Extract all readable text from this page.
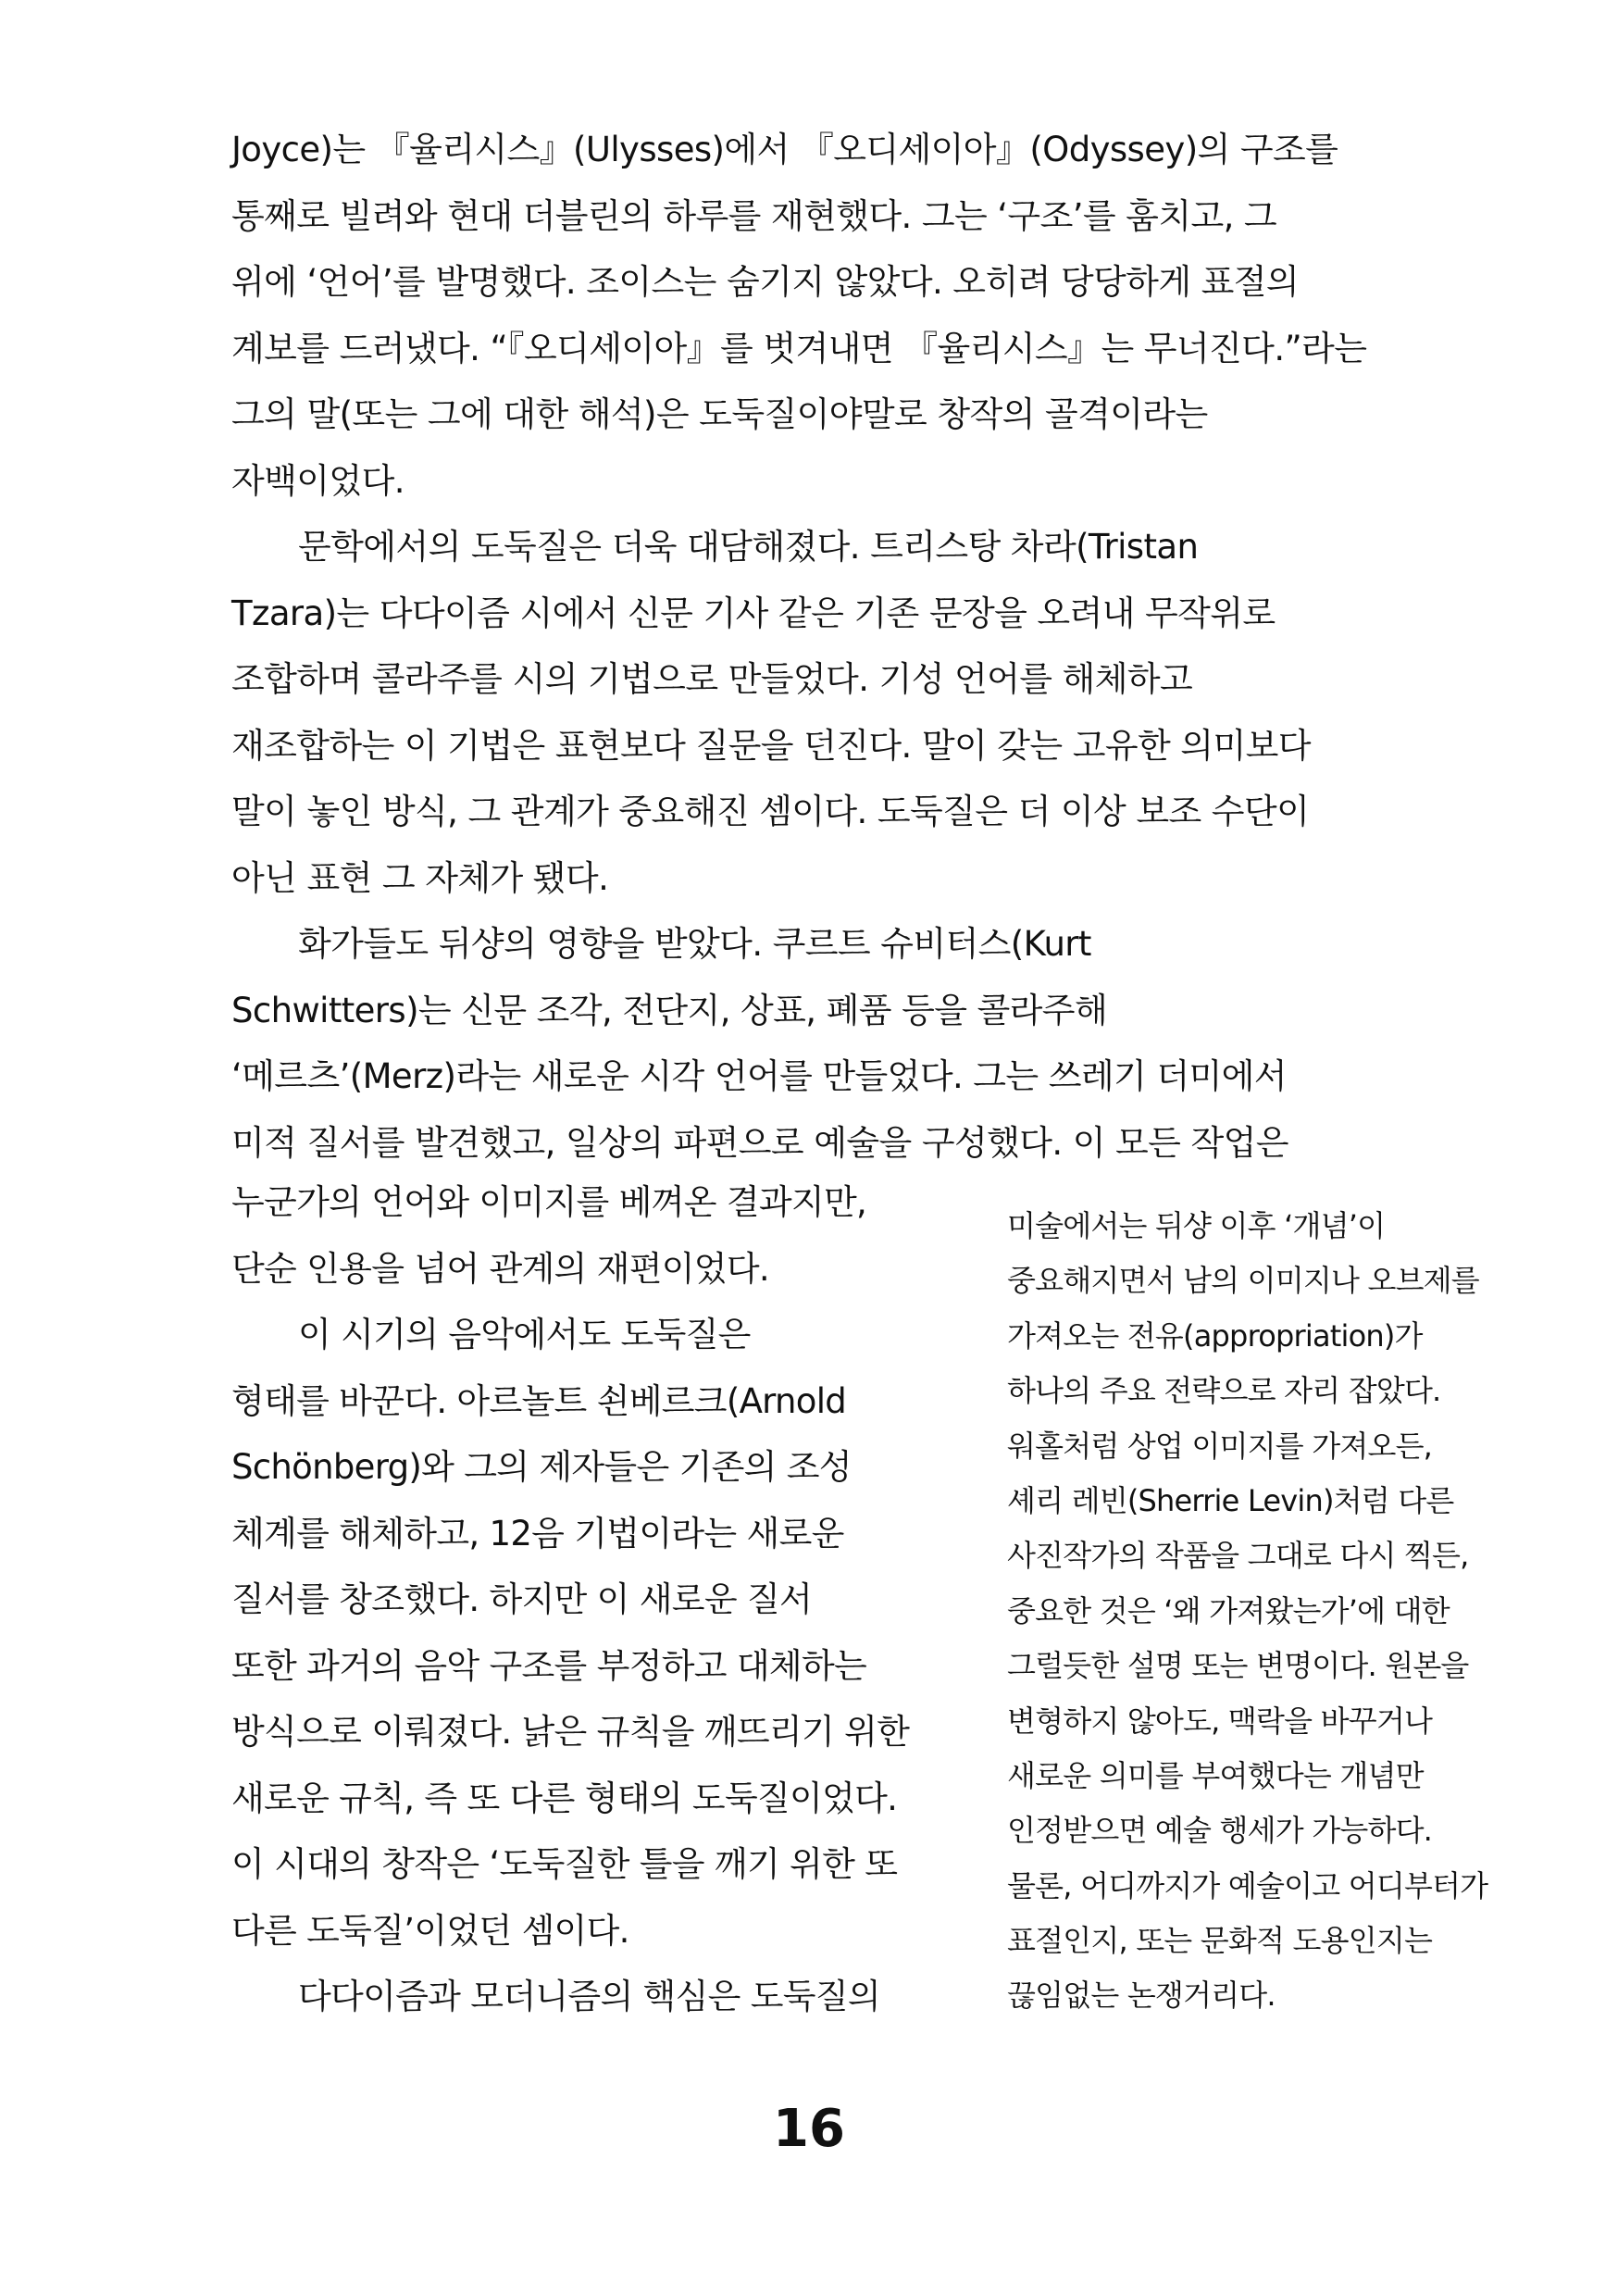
Joyce)는 『율리시스』(Ulysses)에서 『오디세이아』(Odyssey)의 구조를
통째로 빌려와 현대 더블린의 하루를 재현했다. 그는 ‘구조’를 훔치고, 그
위에 ‘언어’를 발명했다. 조이스는 숨기지 않았다. 오히려 당당하게 표절의
계보를 드러냈다. “『오디세이아』를 벗겨내면 『율리시스』는 무너진다.”라는
그의 말(또는 그에 대한 해석)은 도둑질이야말로 창작의 골격이라는
자백이었다.
문학에서의 도둑질은 더욱 대담해졌다. 트리스탕 차라(Tristan
Tzara)는 다다이즘 시에서 신문 기사 같은 기존 문장을 오려내 무작위로
조합하며 콜라주를 시의 기법으로 만들었다. 기성 언어를 해체하고
재조합하는 이 기법은 표현보다 질문을 던진다. 말이 갖는 고유한 의미보다
말이 놓인 방식, 그 관계가 중요해진 셈이다. 도둑질은 더 이상 보조 수단이
아닌 표현 그 자체가 됐다.
화가들도 뒤샹의 영향을 받았다. 쿠르트 슈비터스(Kurt
Schwitters)는 신문 조각, 전단지, 상표, 폐품 등을 콜라주해
‘메르츠’(Merz)라는 새로운 시각 언어를 만들었다. 그는 쓰레기 더미에서
미적 질서를 발견했고, 일상의 파편으로 예술을 구성했다. 이 모든 작업은
누군가의 언어와 이미지를 베껴온 결과지만,
단순 인용을 넘어 관계의 재편이었다.
이 시기의 음악에서도 도둑질은
형태를 바꾼다. 아르놀트 쇤베르크(Arnold
Schönberg)와 그의 제자들은 기존의 조성
체계를 해체하고, 12음 기법이라는 새로운
질서를 창조했다. 하지만 이 새로운 질서
또한 과거의 음악 구조를 부정하고 대체하는
방식으로 이뤄졌다. 낡은 규칙을 깨뜨리기 위한
새로운 규칙, 즉 또 다른 형태의 도둑질이었다.
이 시대의 창작은 ‘도둑질한 틀을 깨기 위한 또
다른 도둑질’이었던 셈이다.
다다이즘과 모더니즘의 핵심은 도둑질의
미술에서는 뒤샹 이후 ‘개념’이
중요해지면서 남의 이미지나 오브제를
가져오는 전유(appropriation)가
하나의 주요 전략으로 자리 잡았다.
워홀처럼 상업 이미지를 가져오든,
셰리 레빈(Sherrie Levin)처럼 다른
사진작가의 작품을 그대로 다시 찍든,
중요한 것은 ‘왜 가져왔는가’에 대한
그럴듯한 설명 또는 변명이다. 원본을
변형하지 않아도, 맥락을 바꾸거나
새로운 의미를 부여했다는 개념만
인정받으면 예술 행세가 가능하다.
물론, 어디까지가 예술이고 어디부터가
표절인지, 또는 문화적 도용인지는
끊임없는 논쟁거리다.
16
